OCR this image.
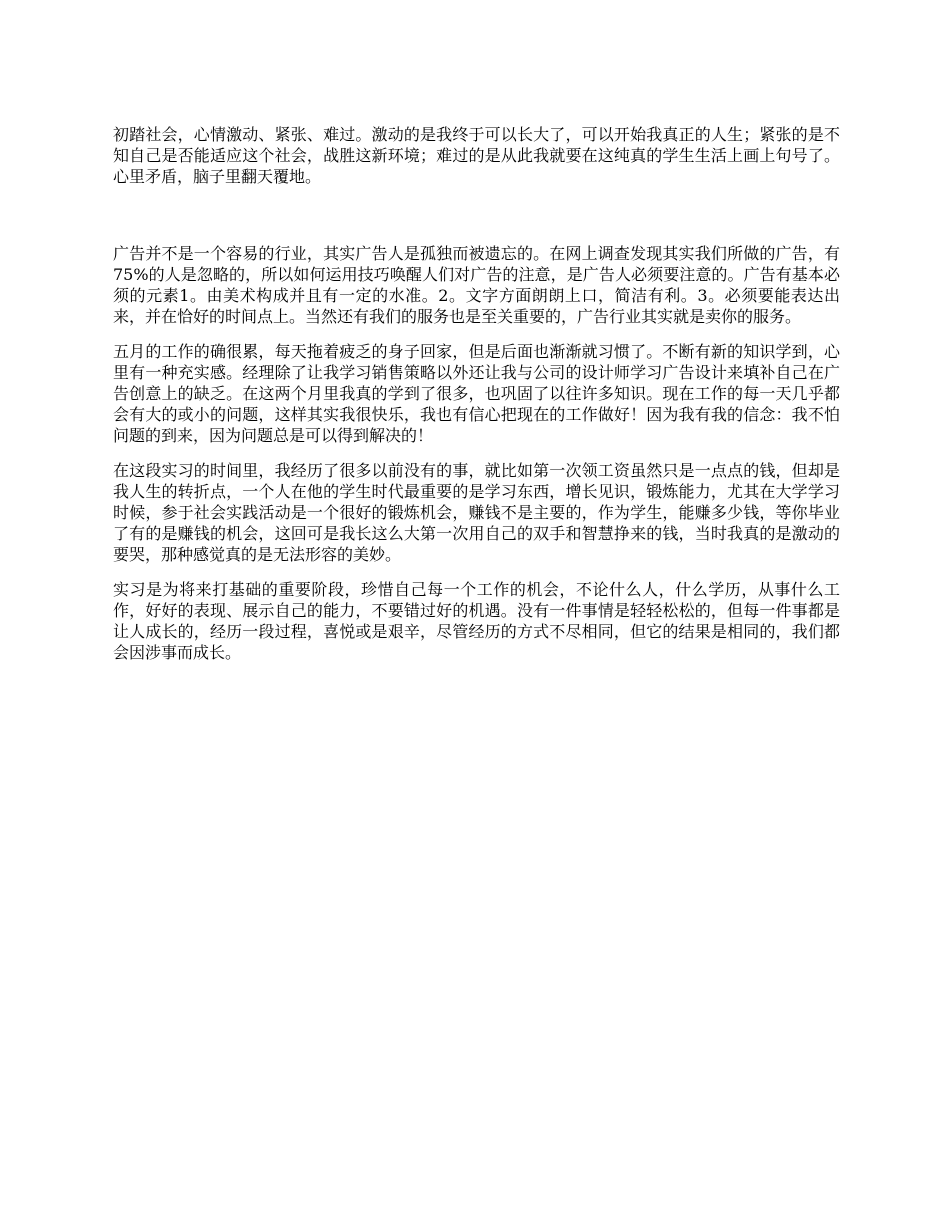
初踏社会，心情激动、紧张、难过。激动的是我终于可以长大了，可以开始我真正的人生；紧张的是不知自己是否能适应这个社会，战胜这新环境；难过的是从此我就要在这纯真的学生生活上画上句号了。心里矛盾，脑子里翻天覆地。

广告并不是一个容易的行业，其实广告人是孤独而被遗忘的。在网上调查发现其实我们所做的广告，有75%的人是忽略的，所以如何运用技巧唤醒人们对广告的注意，是广告人必须要注意的。广告有基本必须的元素1。由美术构成并且有一定的水准。2。文字方面朗朗上口，简洁有利。3。必须要能表达出来，并在恰好的时间点上。当然还有我们的服务也是至关重要的，广告行业其实就是卖你的服务。

五月的工作的确很累，每天拖着疲乏的身子回家，但是后面也渐渐就习惯了。不断有新的知识学到，心里有一种充实感。经理除了让我学习销售策略以外还让我与公司的设计师学习广告设计来填补自己在广告创意上的缺乏。在这两个月里我真的学到了很多，也巩固了以往许多知识。现在工作的每一天几乎都会有大的或小的问题，这样其实我很快乐，我也有信心把现在的工作做好！因为我有我的信念：我不怕问题的到来，因为问题总是可以得到解决的！

在这段实习的时间里，我经历了很多以前没有的事，就比如第一次领工资虽然只是一点点的钱，但却是我人生的转折点，一个人在他的学生时代最重要的是学习东西，增长见识，锻炼能力，尤其在大学学习时候，参于社会实践活动是一个很好的锻炼机会，赚钱不是主要的，作为学生，能赚多少钱，等你毕业了有的是赚钱的机会，这回可是我长这么大第一次用自己的双手和智慧挣来的钱，当时我真的是激动的要哭，那种感觉真的是无法形容的美妙。

实习是为将来打基础的重要阶段，珍惜自己每一个工作的机会，不论什么人，什么学历，从事什么工作，好好的表现、展示自己的能力，不要错过好的机遇。没有一件事情是轻轻松松的，但每一件事都是让人成长的，经历一段过程，喜悦或是艰辛，尽管经历的方式不尽相同，但它的结果是相同的，我们都会因涉事而成长。
